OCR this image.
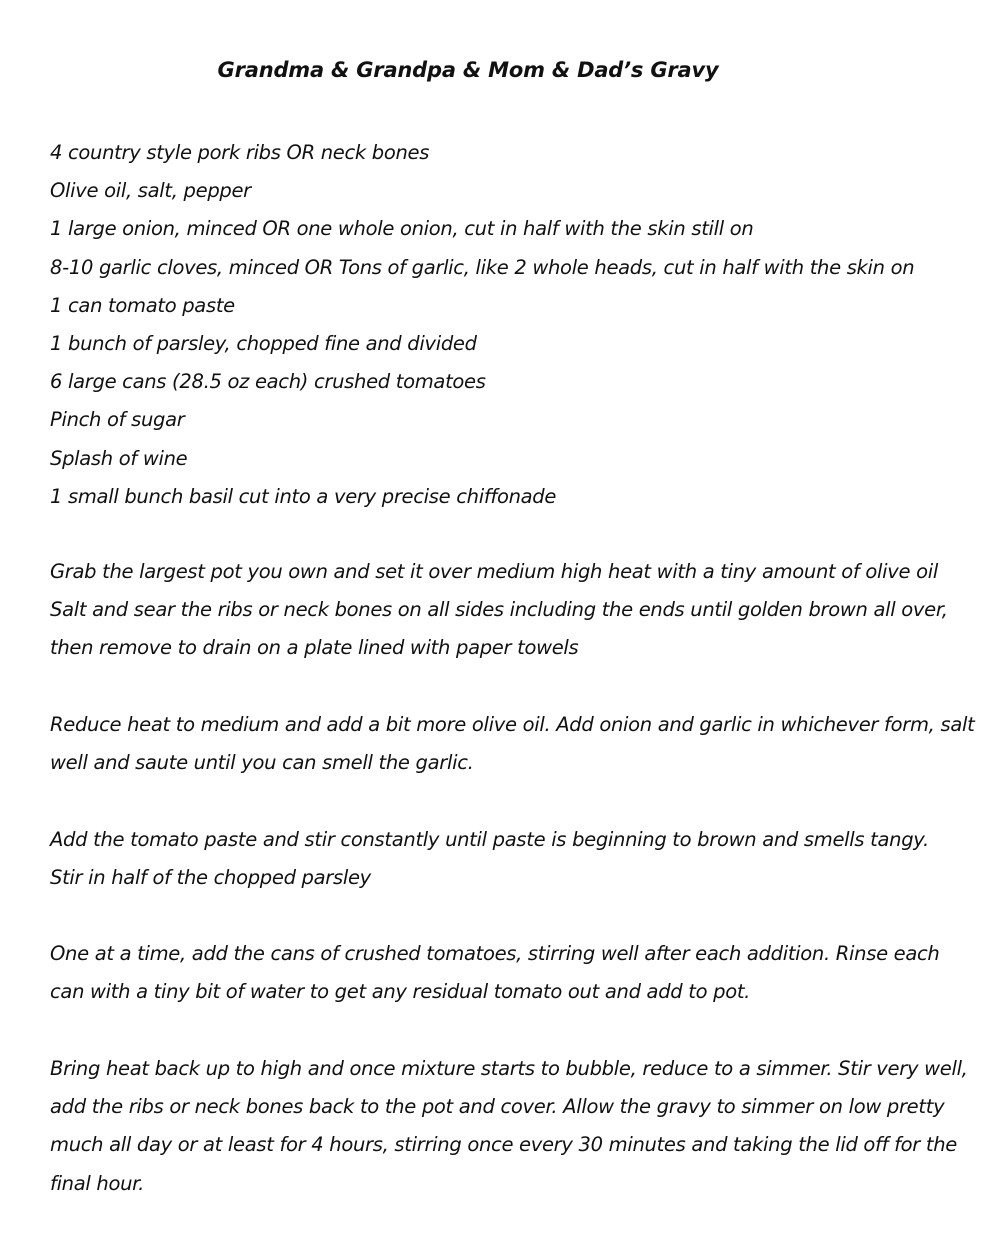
Grandma & Grandpa & Mom & Dad’s Gravy
4 country style pork ribs OR neck bones
Olive oil, salt, pepper
1 large onion, minced OR one whole onion, cut in half with the skin still on
8-10 garlic cloves, minced OR Tons of garlic, like 2 whole heads, cut in half with the skin on
1 can tomato paste
1 bunch of parsley, chopped fine and divided
6 large cans (28.5 oz each) crushed tomatoes
Pinch of sugar
Splash of wine
1 small bunch basil cut into a very precise chiffonade

Grab the largest pot you own and set it over medium high heat with a tiny amount of olive oil
Salt and sear the ribs or neck bones on all sides including the ends until golden brown all over,
then remove to drain on a plate lined with paper towels

Reduce heat to medium and add a bit more olive oil. Add onion and garlic in whichever form, salt
well and saute until you can smell the garlic.

Add the tomato paste and stir constantly until paste is beginning to brown and smells tangy.
Stir in half of the chopped parsley

One at a time, add the cans of crushed tomatoes, stirring well after each addition. Rinse each
can with a tiny bit of water to get any residual tomato out and add to pot.

Bring heat back up to high and once mixture starts to bubble, reduce to a simmer. Stir very well,
add the ribs or neck bones back to the pot and cover. Allow the gravy to simmer on low pretty
much all day or at least for 4 hours, stirring once every 30 minutes and taking the lid off for the
final hour.
